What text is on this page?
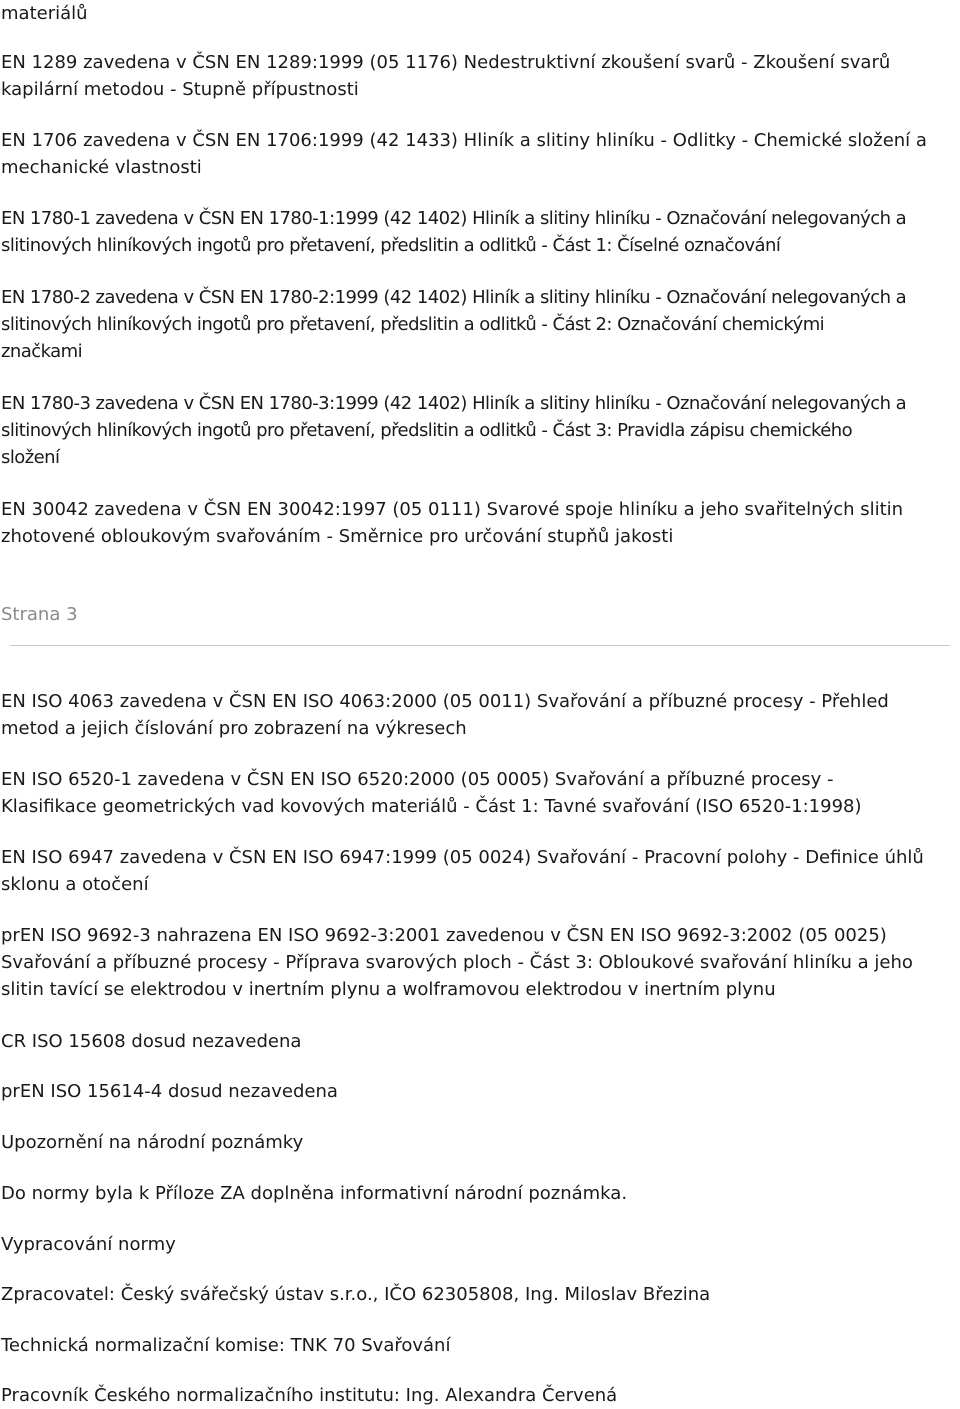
materiálů

EN 1289 zavedena v ČSN EN 1289:1999 (05 1176) Nedestruktivní zkoušení svarů - Zkoušení svarů
kapilární metodou - Stupně přípustnosti

EN 1706 zavedena v ČSN EN 1706:1999 (42 1433) Hliník a slitiny hliníku - Odlitky - Chemické složení a
mechanické vlastnosti

EN 1780-1 zavedena v ČSN EN 1780-1:1999 (42 1402) Hliník a slitiny hliníku - Označování nelegovaných a
slitinových hliníkových ingotů pro přetavení, předslitin a odlitků - Část 1: Číselné označování

EN 1780-2 zavedena v ČSN EN 1780-2:1999 (42 1402) Hliník a slitiny hliníku - Označování nelegovaných a
slitinových hliníkových ingotů pro přetavení, předslitin a odlitků - Část 2: Označování chemickými
značkami

EN 1780-3 zavedena v ČSN EN 1780-3:1999 (42 1402) Hliník a slitiny hliníku - Označování nelegovaných a
slitinových hliníkových ingotů pro přetavení, předslitin a odlitků - Část 3: Pravidla zápisu chemického
složení

EN 30042 zavedena v ČSN EN 30042:1997 (05 0111) Svarové spoje hliníku a jeho svařitelných slitin
zhotovené obloukovým svařováním - Směrnice pro určování stupňů jakosti

Strana 3

EN ISO 4063 zavedena v ČSN EN ISO 4063:2000 (05 0011) Svařování a příbuzné procesy - Přehled
metod a jejich číslování pro zobrazení na výkresech

EN ISO 6520-1 zavedena v ČSN EN ISO 6520:2000 (05 0005) Svařování a příbuzné procesy -
Klasifikace geometrických vad kovových materiálů - Část 1: Tavné svařování (ISO 6520-1:1998)

EN ISO 6947 zavedena v ČSN EN ISO 6947:1999 (05 0024) Svařování - Pracovní polohy - Definice úhlů
sklonu a otočení

prEN ISO 9692-3 nahrazena EN ISO 9692-3:2001 zavedenou v ČSN EN ISO 9692-3:2002 (05 0025)
Svařování a příbuzné procesy - Příprava svarových ploch - Část 3: Obloukové svařování hliníku a jeho
slitin tavící se elektrodou v inertním plynu a wolframovou elektrodou v inertním plynu

CR ISO 15608 dosud nezavedena

prEN ISO 15614-4 dosud nezavedena

Upozornění na národní poznámky

Do normy byla k Příloze ZA doplněna informativní národní poznámka.

Vypracování normy

Zpracovatel: Český svářečský ústav s.r.o., IČO 62305808, Ing. Miloslav Březina

Technická normalizační komise: TNK 70 Svařování

Pracovník Českého normalizačního institutu: Ing. Alexandra Červená
